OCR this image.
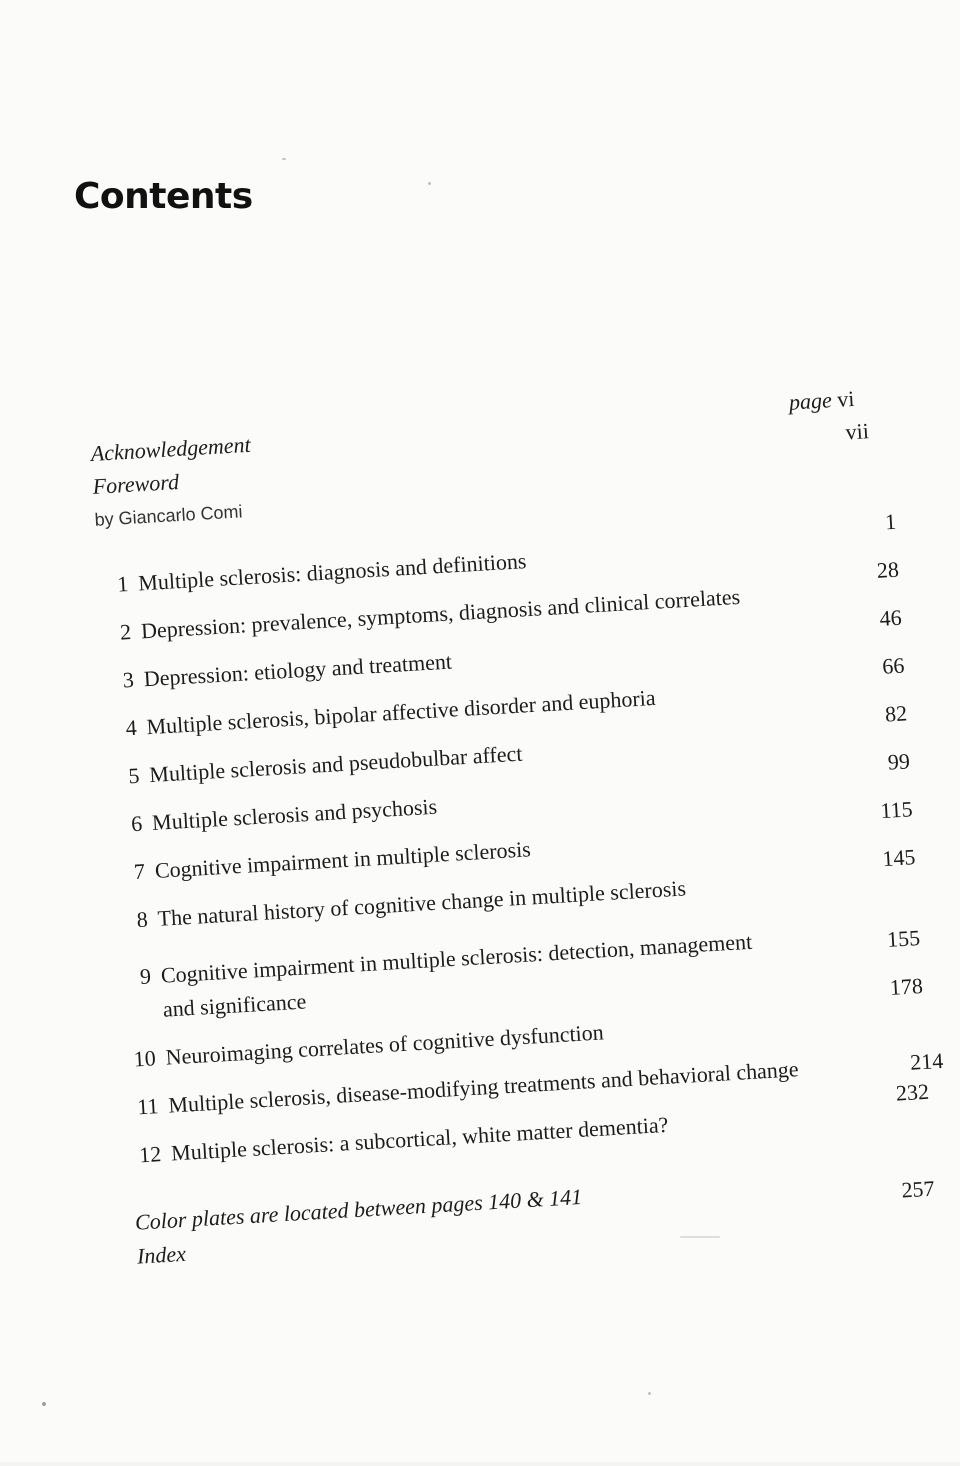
Contents
page vi
Acknowledgement
Foreword
vii
by Giancarlo Comi
1 Multiple sclerosis: diagnosis and definitions
1
2 Depression: prevalence, symptoms, diagnosis and clinical correlates
28
3 Depression: etiology and treatment
46
4 Multiple sclerosis, bipolar affective disorder and euphoria
66
5 Multiple sclerosis and pseudobulbar affect
82
6 Multiple sclerosis and psychosis
99
7 Cognitive impairment in multiple sclerosis
115
8 The natural history of cognitive change in multiple sclerosis
145
9 Cognitive impairment in multiple sclerosis: detection, management
and significance
155
10 Neuroimaging correlates of cognitive dysfunction
178
11 Multiple sclerosis, disease-modifying treatments and behavioral change	214
12 Multiple sclerosis: a subcortical, white matter dementia?
232
Color plates are located between pages 140 & 141
Index
257
